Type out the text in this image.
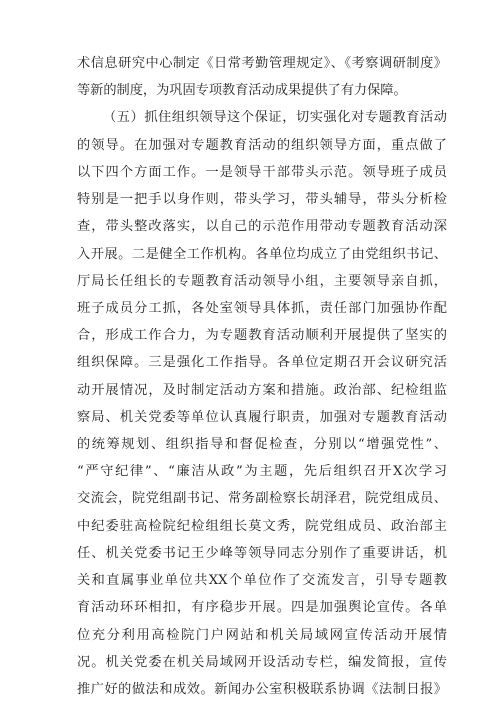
术信息研究中心制定《日常考勤管理规定》、《考察调研制度》
等新的制度，为巩固专项教育活动成果提供了有力保障。
（五）抓住组织领导这个保证，切实强化对专题教育活动
的领导。在加强对专题教育活动的组织领导方面，重点做了
以下四个方面工作。一是领导干部带头示范。领导班子成员
特别是一把手以身作则，带头学习，带头辅导，带头分析检
查，带头整改落实，以自己的示范作用带动专题教育活动深
入开展。二是健全工作机构。各单位均成立了由党组织书记、
厅局长任组长的专题教育活动领导小组，主要领导亲自抓，
班子成员分工抓，各处室领导具体抓，责任部门加强协作配
合，形成工作合力，为专题教育活动顺利开展提供了坚实的
组织保障。三是强化工作指导。各单位定期召开会议研究活
动开展情况，及时制定活动方案和措施。政治部、纪检组监
察局、机关党委等单位认真履行职责，加强对专题教育活动
的统筹规划、组织指导和督促检查，分别以“增强党性”、
“严守纪律”、“廉洁从政”为主题，先后组织召开X次学习
交流会，院党组副书记、常务副检察长胡泽君，院党组成员、
中纪委驻高检院纪检组组长莫文秀，院党组成员、政治部主
任、机关党委书记王少峰等领导同志分别作了重要讲话，机
关和直属事业单位共XX个单位作了交流发言，引导专题教
育活动环环相扣，有序稳步开展。四是加强舆论宣传。各单
位充分利用高检院门户网站和机关局域网宣传活动开展情
况。机关党委在机关局域网开设活动专栏，编发简报，宣传
推广好的做法和成效。新闻办公室积极联系协调《法制日报》
